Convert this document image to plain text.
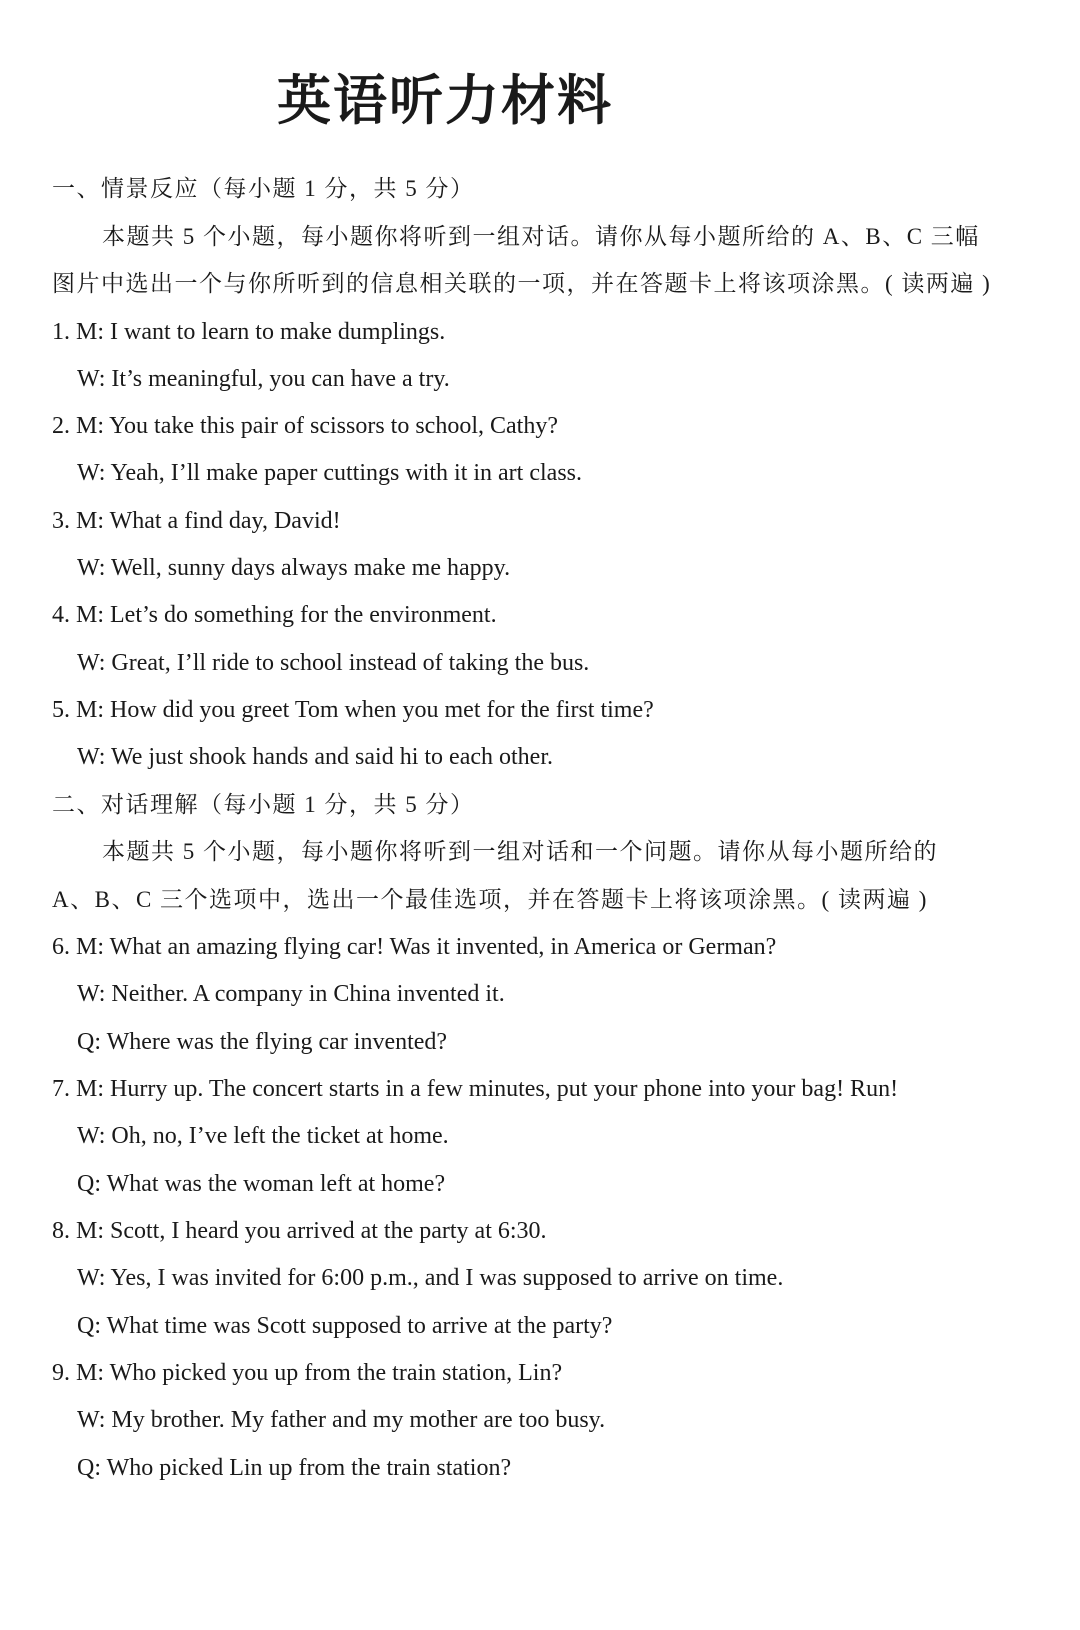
英语听力材料
一、情景反应（每小题 1 分，共 5 分）
本题共 5 个小题，每小题你将听到一组对话。请你从每小题所给的 A、B、C 三幅
图片中选出一个与你所听到的信息相关联的一项，并在答题卡上将该项涂黑。( 读两遍 )
1. M: I want to learn to make dumplings.
W: It’s meaningful, you can have a try.
2. M: You take this pair of scissors to school, Cathy?
W: Yeah, I’ll make paper cuttings with it in art class.
3. M: What a find day, David!
W: Well, sunny days always make me happy.
4. M: Let’s do something for the environment.
W: Great, I’ll ride to school instead of taking the bus.
5. M: How did you greet Tom when you met for the first time?
W: We just shook hands and said hi to each other.
二、对话理解（每小题 1 分，共 5 分）
本题共 5 个小题，每小题你将听到一组对话和一个问题。请你从每小题所给的
A、B、C 三个选项中，选出一个最佳选项，并在答题卡上将该项涂黑。( 读两遍 )
6. M: What an amazing flying car! Was it invented, in America or German?
W: Neither. A company in China invented it.
Q: Where was the flying car invented?
7. M: Hurry up. The concert starts in a few minutes, put your phone into your bag! Run!
W: Oh, no, I’ve left the ticket at home.
Q: What was the woman left at home?
8. M: Scott, I heard you arrived at the party at 6:30.
W: Yes, I was invited for 6:00 p.m., and I was supposed to arrive on time.
Q: What time was Scott supposed to arrive at the party?
9. M: Who picked you up from the train station, Lin?
W: My brother. My father and my mother are too busy.
Q: Who picked Lin up from the train station?
